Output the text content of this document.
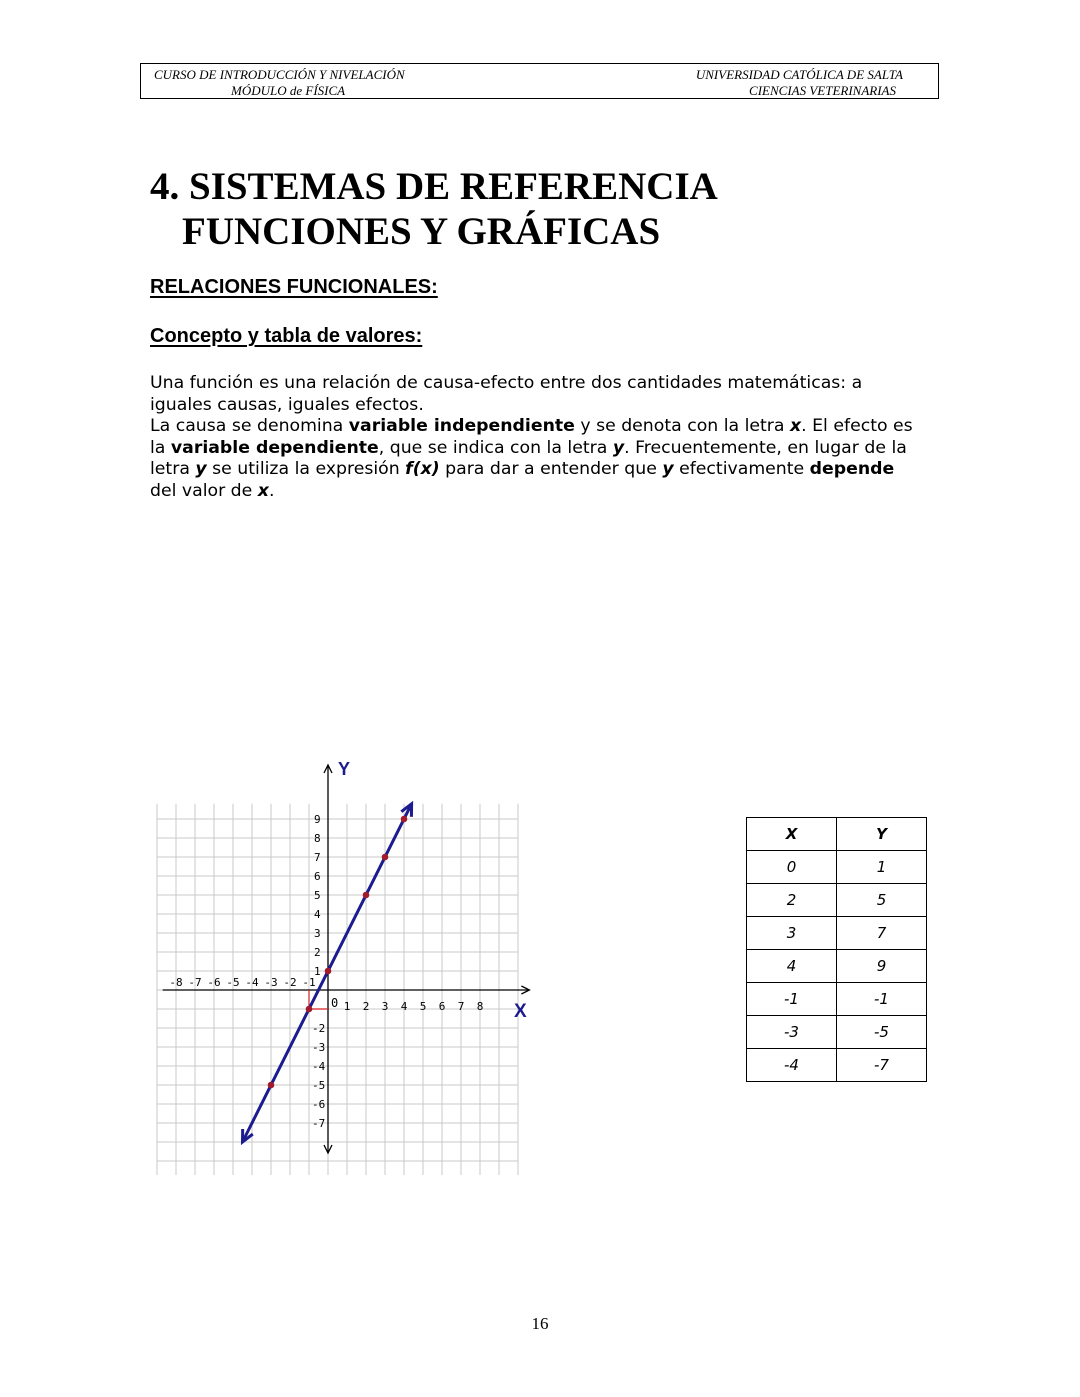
CURSO DE INTRODUCCIÓN Y NIVELACIÓN
MÓDULO de FÍSICA
UNIVERSIDAD CATÓLICA DE SALTA
CIENCIAS VETERINARIAS
4. SISTEMAS DE REFERENCIA
FUNCIONES Y GRÁFICAS
RELACIONES FUNCIONALES:
Concepto y tabla de valores:
Una función es una relación de causa-efecto entre dos cantidades matemáticas: a
iguales causas, iguales efectos.
La causa se denomina variable independiente y se denota con la letra x. El efecto es
la variable dependiente, que se indica con la letra y. Frecuentemente, en lugar de la
letra y se utiliza la expresión f(x) para dar a entender que y efectivamente depende
del valor de x.
1 2 3 4 5 6 7 8
-8 -7 -6 -5 -4 -3 -2 -1
1
2
3
4
5
6
7
8
9
-2
-3
-4
-5
-6
-7
Y
X
0
X	Y
0	1
2	5
3	7
4	9
-1	-1
-3	-5
-4	-7
16
